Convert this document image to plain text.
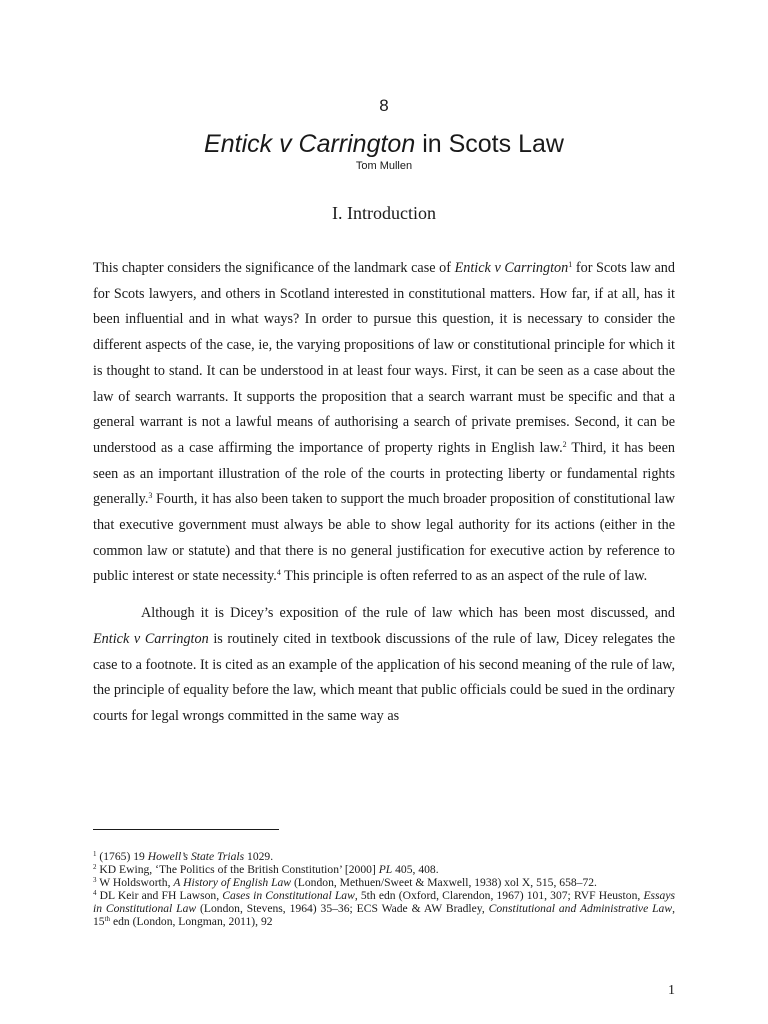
8
Entick v Carrington in Scots Law
Tom Mullen
I. Introduction

This chapter considers the significance of the landmark case of Entick v Carrington$^1$ for Scots law and for Scots lawyers, and others in Scotland interested in constitutional matters. How far, if at all, has it been influential and in what ways? In order to pursue this question, it is necessary to consider the different aspects of the case, ie, the varying propositions of law or constitutional principle for which it is thought to stand. It can be understood in at least four ways. First, it can be seen as a case about the law of search warrants. It supports the proposition that a search warrant must be specific and that a general warrant is not a lawful means of authorising a search of private premises. Second, it can be understood as a case affirming the importance of property rights in English law.$^2$ Third, it has been seen as an important illustration of the role of the courts in protecting liberty or fundamental rights generally.$^3$ Fourth, it has also been taken to support the much broader proposition of constitutional law that executive government must always be able to show legal authority for its actions (either in the common law or statute) and that there is no general justification for executive action by reference to public interest or state necessity.$^4$ This principle is often referred to as an aspect of the rule of law.

Although it is Dicey’s exposition of the rule of law which has been most discussed, and Entick v Carrington is routinely cited in textbook discussions of the rule of law, Dicey relegates the case to a footnote. It is cited as an example of the application of his second meaning of the rule of law, the principle of equality before the law, which meant that public officials could be sued in the ordinary courts for legal wrongs committed in the same way as

$^1$ (1765) 19 Howell’s State Trials 1029.

$^2$ KD Ewing, ‘The Politics of the British Constitution’ [2000] PL 405, 408.

$^3$ W Holdsworth, A History of English Law (London, Methuen/Sweet & Maxwell, 1938) xol X, 515, 658–72.

$^4$ DL Keir and FH Lawson, Cases in Constitutional Law, 5th edn (Oxford, Clarendon, 1967) 101, 307; RVF Heuston, Essays in Constitutional Law (London, Stevens, 1964) 35–36; ECS Wade & AW Bradley, Constitutional and Administrative Law, 15th edn (London, Longman, 2011), 92

1
